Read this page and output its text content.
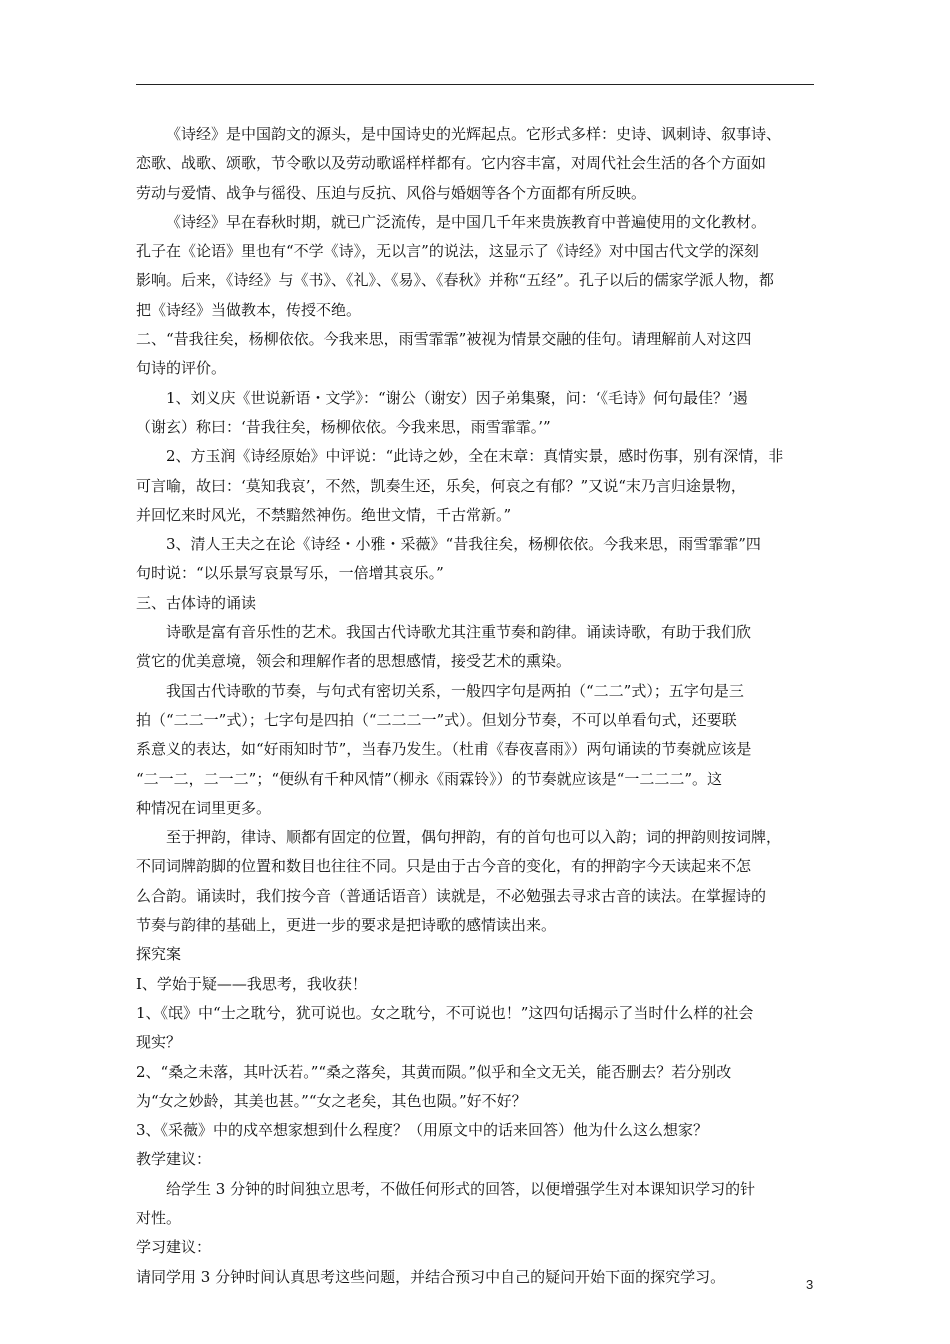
《诗经》是中国韵文的源头，是中国诗史的光辉起点。它形式多样：史诗、讽刺诗、叙事诗、
恋歌、战歌、颂歌，节令歌以及劳动歌谣样样都有。它内容丰富，对周代社会生活的各个方面如
劳动与爱情、战争与徭役、压迫与反抗、风俗与婚姻等各个方面都有所反映。

《诗经》早在春秋时期，就已广泛流传，是中国几千年来贵族教育中普遍使用的文化教材。
孔子在《论语》里也有“不学《诗》，无以言”的说法，这显示了《诗经》对中国古代文学的深刻
影响。后来，《诗经》与《书》、《礼》、《易》、《春秋》并称“五经”。孔子以后的儒家学派人物，都
把《诗经》当做教本，传授不绝。

二、“昔我往矣，杨柳依依。今我来思，雨雪霏霏”被视为情景交融的佳句。请理解前人对这四
句诗的评价。

1、刘义庆《世说新语・文学》：“谢公（谢安）因子弟集聚，问：‘《毛诗》何句最佳？’遏
（谢玄）称曰：‘昔我往矣，杨柳依依。今我来思，雨雪霏霏。’”

2、方玉润《诗经原始》中评说：“此诗之妙，全在末章：真情实景，感时伤事，别有深情，非
可言喻，故曰：‘莫知我哀’，不然，凯奏生还，乐矣，何哀之有郁？”又说“末乃言归途景物，
并回忆来时风光，不禁黯然神伤。绝世文情，千古常新。”

3、清人王夫之在论《诗经・小雅・采薇》“昔我往矣，杨柳依依。今我来思，雨雪霏霏”四
句时说：“以乐景写哀景写乐，一倍增其哀乐。”

三、古体诗的诵读

诗歌是富有音乐性的艺术。我国古代诗歌尤其注重节奏和韵律。诵读诗歌，有助于我们欣
赏它的优美意境，领会和理解作者的思想感情，接受艺术的熏染。

我国古代诗歌的节奏，与句式有密切关系，一般四字句是两拍（“二二”式）；五字句是三
拍（“二二一”式）；七字句是四拍（“二二二一”式）。但划分节奏，不可以单看句式，还要联
系意义的表达，如“好雨知时节”，当春乃发生。（杜甫《春夜喜雨》）两句诵读的节奏就应该是
“二一二，二一二”；“便纵有千种风情”（柳永《雨霖铃》）的节奏就应该是“一二二二”。这
种情况在词里更多。

至于押韵，律诗、顺都有固定的位置，偶句押韵，有的首句也可以入韵；词的押韵则按词牌，
不同词牌韵脚的位置和数目也往往不同。只是由于古今音的变化，有的押韵字今天读起来不怎
么合韵。诵读时，我们按今音（普通话语音）读就是，不必勉强去寻求古音的读法。在掌握诗的
节奏与韵律的基础上，更进一步的要求是把诗歌的感情读出来。

探究案

I、学始于疑——我思考，我收获！

1、《氓》中“士之耽兮，犹可说也。女之耽兮，不可说也！”这四句话揭示了当时什么样的社会
现实？

2、“桑之未落，其叶沃若。”“桑之落矣，其黄而陨。”似乎和全文无关，能否删去？若分别改
为“女之妙龄，其美也甚。”“女之老矣，其色也陨。”好不好？

3、《采薇》中的戍卒想家想到什么程度？（用原文中的话来回答）他为什么这么想家？

教学建议：

给学生 3 分钟的时间独立思考，不做任何形式的回答，以便增强学生对本课知识学习的针
对性。

学习建议：

请同学用 3 分钟时间认真思考这些问题，并结合预习中自己的疑问开始下面的探究学习。	3
